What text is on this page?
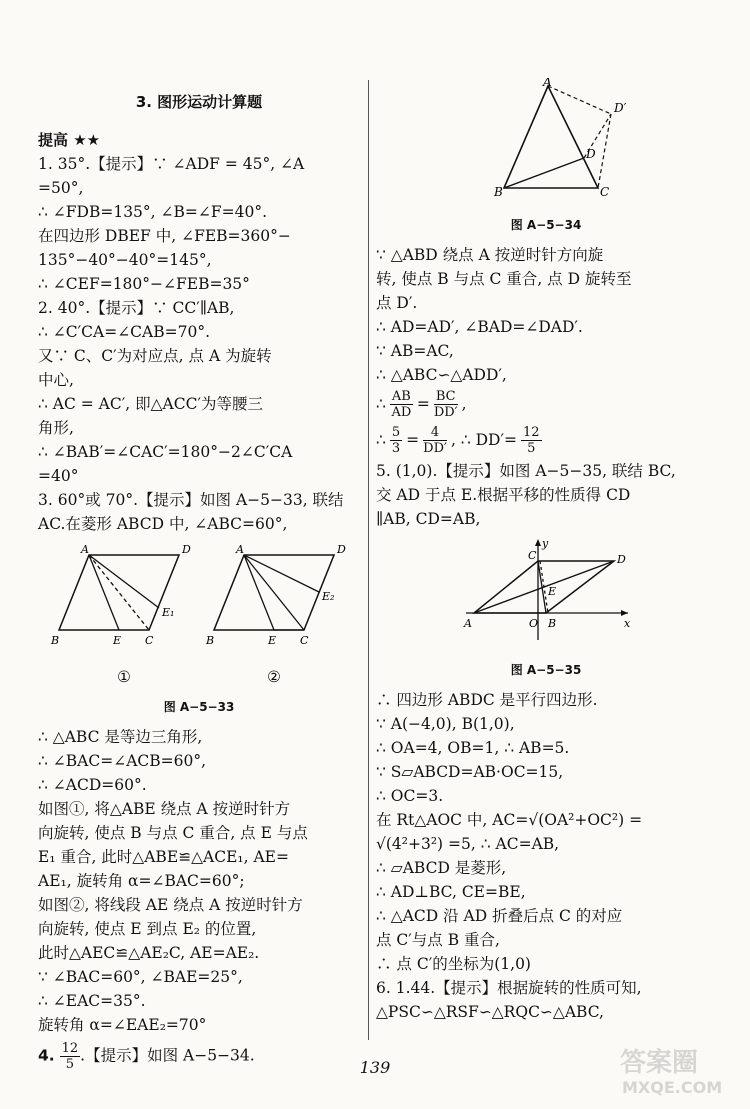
3. 图形运动计算题
提高 ★★
1. 35°.【提示】∵ ∠ADF = 45°, ∠A
=50°,
∴ ∠FDB=135°, ∠B=∠F=40°.
在四边形 DBEF 中, ∠FEB=360°−
135°−40°−40°=145°,
∴ ∠CEF=180°−∠FEB=35°
2. 40°.【提示】∵ CC′∥AB,
∴ ∠C′CA=∠CAB=70°.
又∵ C、C′为对应点, 点 A 为旋转
中心,
∴ AC = AC′, 即△ACC′为等腰三
角形,
∴ ∠BAB′=∠CAC′=180°−2∠C′CA
=40°
3. 60°或 70°.【提示】如图 A−5−33, 联结
AC.在菱形 ABCD 中, ∠ABC=60°,
A	D
B	E C
E₁
A	D
B	E C
E₂
①	②
图 A−5−33
∴ △ABC 是等边三角形,
∴ ∠BAC=∠ACB=60°,
∴ ∠ACD=60°.
如图①, 将△ABE 绕点 A 按逆时针方
向旋转, 使点 B 与点 C 重合, 点 E 与点
E₁ 重合, 此时△ABE≌△ACE₁, AE=
AE₁, 旋转角 α=∠BAC=60°;
如图②, 将线段 AE 绕点 A 按逆时针方
向旋转, 使点 E 到点 E₂ 的位置,
此时△AEC≌△AE₂C, AE=AE₂.
∵ ∠BAC=60°, ∠BAE=25°,
∴ ∠EAC=35°.
旋转角 α=∠EAE₂=70°
4. $\frac{12}{5}$ .【提示】如图 A−5−34.
A
D′
D
B	C
图 A−5−34
∵ △ABD 绕点 A 按逆时针方向旋
转, 使点 B 与点 C 重合, 点 D 旋转至
点 D′.
∴ AD=AD′, ∠BAD=∠DAD′.
∵ AB=AC,
∴ △ABC∽△ADD′,
∴ $\frac{AB}{AD} = \frac{BC}{DD'}$ ,
∴ $\frac{5}{3} = \frac{4}{DD'}$ , ∴ $DD'= \frac{12}{5}$
5. (1,0).【提示】如图 A−5−35, 联结 BC,
交 AD 于点 E.根据平移的性质得 CD
∥AB, CD=AB,
y
x
A	O B
C	D
E
图 A−5−35
∴ 四边形 ABDC 是平行四边形.
∵ A(−4,0), B(1,0),
∴ OA=4, OB=1, ∴ AB=5.
∵ S▱ABCD=AB·OC=15,
∴ OC=3.
在 Rt△AOC 中, AC=√(OA²+OC²) =
√(4²+3²) =5, ∴ AC=AB,
∴ ▱ABCD 是菱形,
∴ AD⊥BC, CE=BE,
∴ △ACD 沿 AD 折叠后点 C 的对应
点 C′与点 B 重合,
∴ 点 C′的坐标为(1,0)
6. 1.44.【提示】根据旋转的性质可知,
△PSC∽△RSF∽△RQC∽△ABC,
139	答案圈
MXQE.COM
